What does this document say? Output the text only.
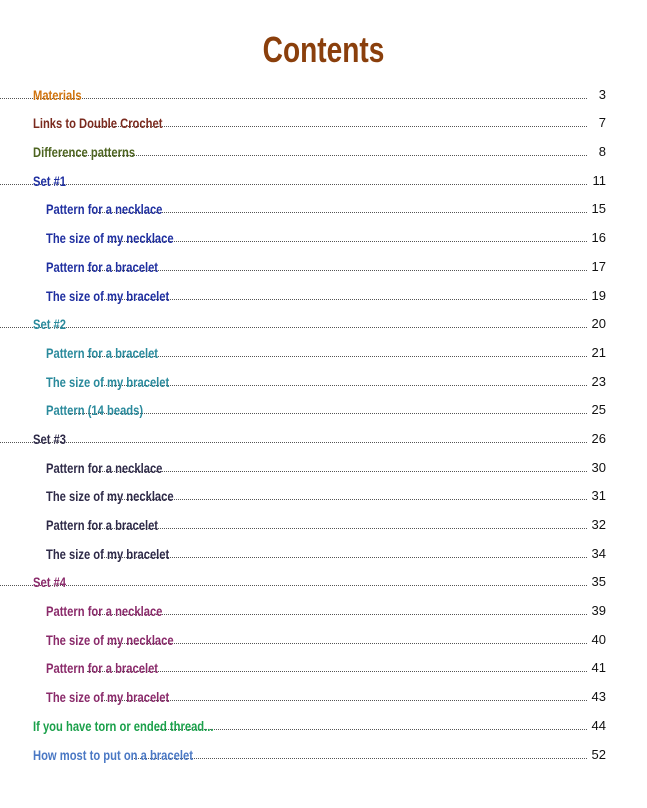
Contents
Materials	3
Links to Double Crochet	7
Difference patterns	8
Set #1	11
Pattern for a necklace	15
The size of my necklace	16
Pattern for a bracelet	17
The size of my bracelet	19
Set #2	20
Pattern for a bracelet	21
The size of my bracelet	23
Pattern (14 beads)	25
Set #3	26
Pattern for a necklace	30
The size of my necklace	31
Pattern for a bracelet	32
The size of my bracelet	34
Set #4	35
Pattern for a necklace	39
The size of my necklace	40
Pattern for a bracelet	41
The size of my bracelet	43
If you have torn or ended thread...	44
How most to put on a bracelet	52
